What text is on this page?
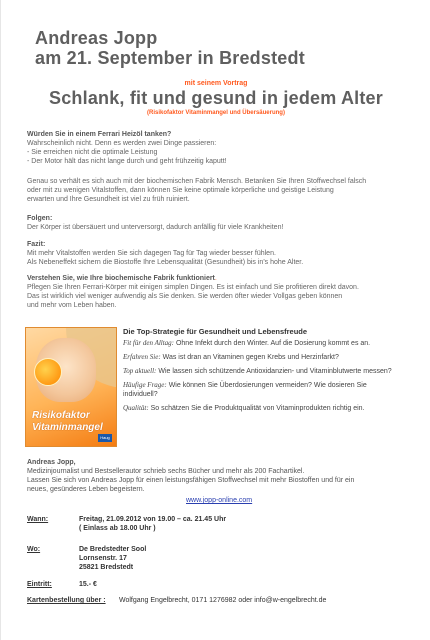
Andreas Jopp
am 21. September in Bredstedt
mit seinem Vortrag
Schlank, fit und gesund in jedem Alter
(Risikofaktor Vitaminmangel und Übersäuerung)
Würden Sie in einem Ferrari Heizöl tanken?
Wahrscheinlich nicht. Denn es werden zwei Dinge passieren:
- Sie erreichen nicht die optimale Leistung
- Der Motor hält das nicht lange durch und geht frühzeitig kaputt!
Genau so verhält es sich auch mit der biochemischen Fabrik Mensch. Betanken Sie Ihren Stoffwechsel falsch
oder mit zu wenigen Vitalstoffen, dann können Sie keine optimale körperliche und geistige Leistung
erwarten und Ihre Gesundheit ist viel zu früh ruiniert.
Folgen:
Der Körper ist übersäuert und unterversorgt, dadurch anfällig für viele Krankheiten!
Fazit:
Mit mehr Vitalstoffen werden Sie sich dagegen Tag für Tag wieder besser fühlen.
Als Nebeneffekt sichern die Biostoffe Ihre Lebensqualität (Gesundheit) bis in's hohe Alter.
Verstehen Sie, wie Ihre biochemische Fabrik funktioniert.
Pflegen Sie Ihren Ferrari-Körper mit einigen simplen Dingen. Es ist einfach und Sie profitieren direkt davon.
Das ist wirklich viel weniger aufwendig als Sie denken. Sie werden öfter wieder Vollgas geben können
und mehr vom Leben haben.
Risikofaktor
Vitaminmangel
Haug
Die Top-Strategie für Gesundheit und Lebensfreude

Fit für den Alltag: Ohne Infekt durch den Winter. Auf die Dosierung kommt es an.

Erfahren Sie: Was ist dran an Vitaminen gegen Krebs und Herzinfarkt?

Top aktuell: Wie lassen sich schützende Antioxidanzien- und Vitaminblutwerte messen?

Häufige Frage: Wie können Sie Überdosierungen vermeiden? Wie dosieren Sie individuell?

Qualität: So schätzen Sie die Produktqualität von Vitaminprodukten richtig ein.

Andreas Jopp,
Medizinjournalist und Bestsellerautor schrieb sechs Bücher und mehr als 200 Fachartikel.
Lassen Sie sich von Andreas Jopp für einen leistungsfähigen Stoffwechsel mit mehr Biostoffen und für ein
neues, gesünderes Leben begeistern.
www.jopp-online.com
Wann:	Freitag, 21.09.2012 von 19.00 – ca. 21.45 Uhr
( Einlass ab 18.00 Uhr )
Wo:	De Bredstedter Sool
Lornsenstr. 17
25821 Bredstedt
Eintritt:	15.- €
Kartenbestellung über : Wolfgang Engelbrecht, 0171 1276982 oder info@w-engelbrecht.de
